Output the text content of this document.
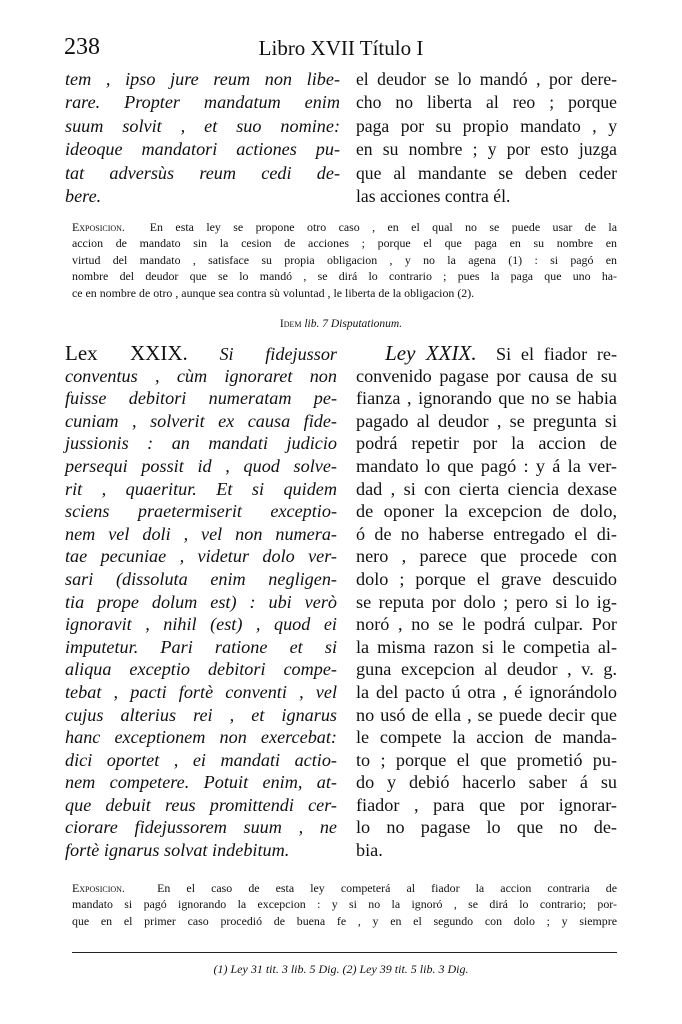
238	Libro XVII Título I
tem , ipso jure reum non libe-
rare. Propter mandatum enim
suum solvit , et suo nomine:
ideoque mandatori actiones pu-
tat adversùs reum cedi de-
bere.
el deudor se lo mandó , por dere-
cho no liberta al reo ; porque
paga por su propio mandato , y
en su nombre ; y por esto juzga
que al mandante se deben ceder
las acciones contra él.
Exposicion. En esta ley se propone otro caso , en el qual no se puede usar de la
accion de mandato sin la cesion de acciones ; porque el que paga en su nombre en
virtud del mandato , satisface su propia obligacion , y no la agena (1) : si pagó en
nombre del deudor que se lo mandó , se dirá lo contrario ; pues la paga que uno ha-
ce en nombre de otro , aunque sea contra sù voluntad , le liberta de la obligacion (2).
Idem lib. 7 Disputationum.
Lex XXIX. Si fidejussor
conventus , cùm ignoraret non
fuisse debitori numeratam pe-
cuniam , solverit ex causa fide-
jussionis : an mandati judicio
persequi possit id , quod solve-
rit , quaeritur. Et si quidem
sciens praetermiserit exceptio-
nem vel doli , vel non numera-
tae pecuniae , videtur dolo ver-
sari (dissoluta enim negligen-
tia prope dolum est) : ubi verò
ignoravit , nihil (est) , quod ei
imputetur. Pari ratione et si
aliqua exceptio debitori compe-
tebat , pacti fortè conventi , vel
cujus alterius rei , et ignarus
hanc exceptionem non exercebat:
dici oportet , ei mandati actio-
nem competere. Potuit enim, at-
que debuit reus promittendi cer-
ciorare fidejussorem suum , ne
fortè ignarus solvat indebitum.
Ley XXIX. Si el fiador re-
convenido pagase por causa de su
fianza , ignorando que no se habia
pagado al deudor , se pregunta si
podrá repetir por la accion de
mandato lo que pagó : y á la ver-
dad , si con cierta ciencia dexase
de oponer la excepcion de dolo,
ó de no haberse entregado el di-
nero , parece que procede con
dolo ; porque el grave descuido
se reputa por dolo ; pero si lo ig-
noró , no se le podrá culpar. Por
la misma razon si le competia al-
guna excepcion al deudor , v. g.
la del pacto ú otra , é ignorándolo
no usó de ella , se puede decir que
le compete la accion de manda-
to ; porque el que prometió pu-
do y debió hacerlo saber á su
fiador , para que por ignorar-
lo no pagase lo que no de-
bia.
Exposicion.	En el caso de esta ley competerá al fiador la accion contraria de
mandato si pagó ignorando la excepcion : y si no la ignoró , se dirá lo contrario; por-
que en el primer caso procedió de buena fe , y en el segundo con dolo ; y siempre
(1) Ley 31 tit. 3 lib. 5 Dig. (2) Ley 39 tit. 5 lib. 3 Dig.
